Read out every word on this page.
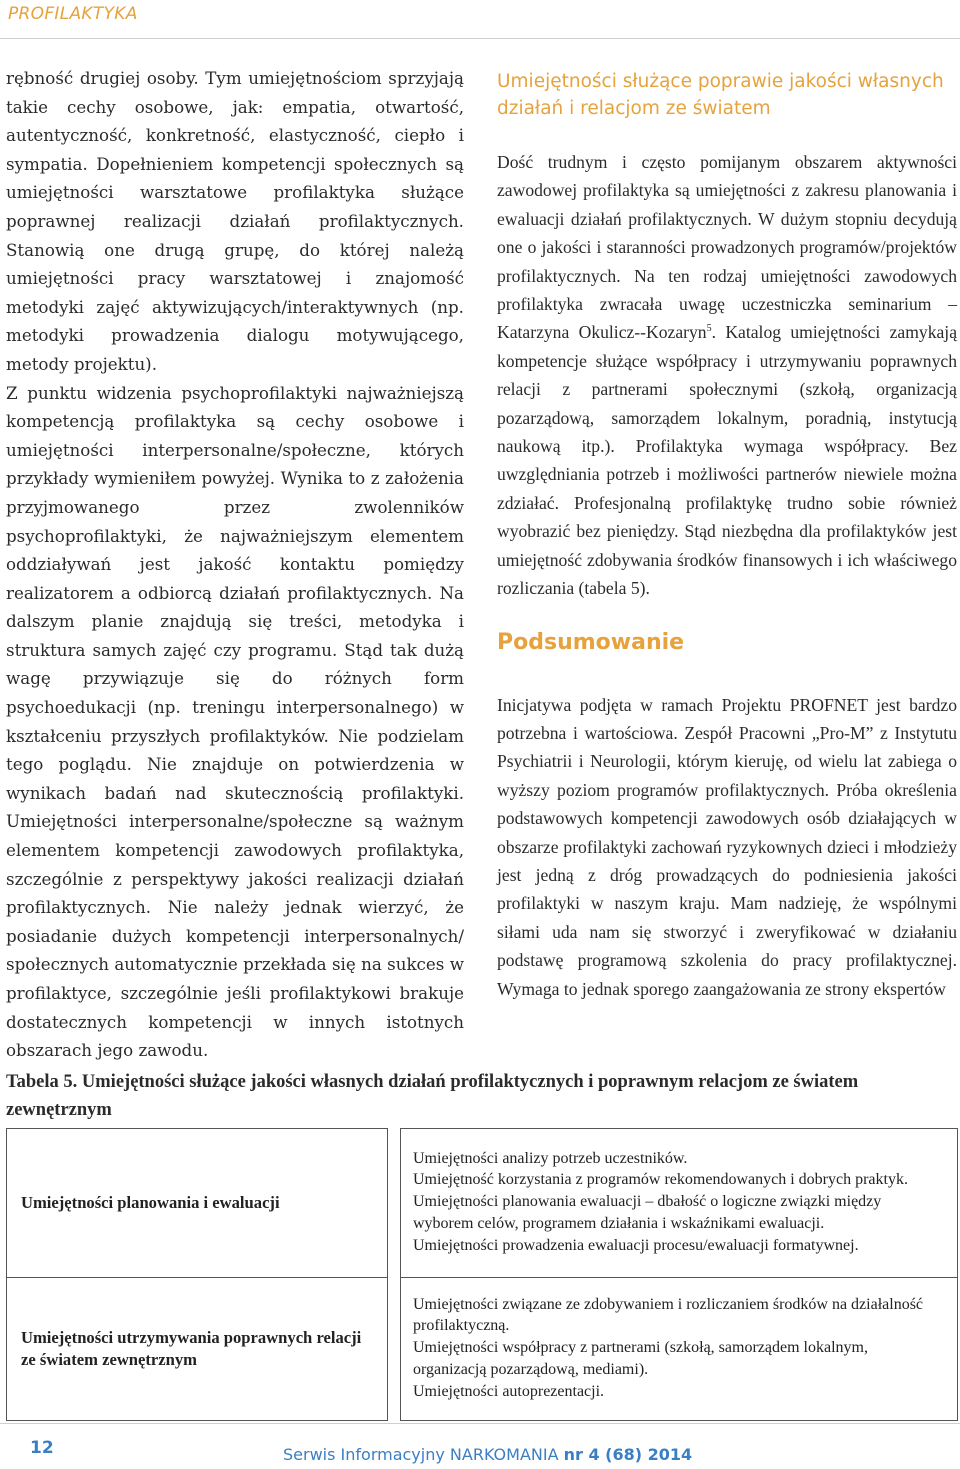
PROFILAKTYKA

rębność drugiej osoby. Tym umiejętnościom sprzyjają takie cechy osobowe, jak: empatia, otwartość, autentyczność, konkretność, elastyczność, ciepło i sympatia. Dopełnieniem kompetencji społecznych są umiejętności warsztatowe profilaktyka służące poprawnej realizacji działań profilaktycznych. Stanowią one drugą grupę, do której należą umiejętności pracy warsztatowej i znajomość metodyki zajęć aktywizujących/interaktywnych (np. metodyki prowadzenia dialogu motywującego, metody projektu).

Z punktu widzenia psychoprofilaktyki najważniejszą kompetencją profilaktyka są cechy osobowe i umiejętności interpersonalne/społeczne, których przykłady wymieniłem powyżej. Wynika to z założenia przyjmowanego przez zwolenników psychoprofilaktyki, że najważniejszym elementem oddziaływań jest jakość kontaktu pomiędzy realizatorem a odbiorcą działań profilaktycznych. Na dalszym planie znajdują się treści, metodyka i struktura samych zajęć czy programu. Stąd tak dużą wagę przywiązuje się do różnych form psychoedukacji (np. treningu interpersonalnego) w kształceniu przyszłych profilaktyków. Nie podzielam tego poglądu. Nie znajduje on potwierdzenia w wynikach badań nad skutecznością profilaktyki. Umiejętności interpersonalne/społeczne są ważnym elementem kompetencji zawodowych profilaktyka, szczególnie z perspektywy jakości realizacji działań profilaktycznych. Nie należy jednak wierzyć, że posiadanie dużych kompetencji interpersonalnych/ społecznych automatycznie przekłada się na sukces w profilaktyce, szczególnie jeśli profilaktykowi brakuje dostatecznych kompetencji w innych istotnych obszarach jego zawodu.

Umiejętności służące poprawie jakości własnych działań i relacjom ze światem

Dość trudnym i często pomijanym obszarem aktywności zawodowej profilaktyka są umiejętności z zakresu planowania i ewaluacji działań profilaktycznych. W dużym stopniu decydują one o jakości i staranności prowadzonych programów/projektów profilaktycznych. Na ten rodzaj umiejętności zawodowych profilaktyka zwracała uwagę uczestniczka seminarium – Katarzyna Okulicz--Kozaryn$^5$. Katalog umiejętności zamykają kompetencje służące współpracy i utrzymywaniu poprawnych relacji z partnerami społecznymi (szkołą, organizacją pozarządową, samorządem lokalnym, poradnią, instytucją naukową itp.). Profilaktyka wymaga współpracy. Bez uwzględniania potrzeb i możliwości partnerów niewiele można zdziałać. Profesjonalną profilaktykę trudno sobie również wyobrazić bez pieniędzy. Stąd niezbędna dla profilaktyków jest umiejętność zdobywania środków finansowych i ich właściwego rozliczania (tabela 5).

Podsumowanie

Inicjatywa podjęta w ramach Projektu PROFNET jest bardzo potrzebna i wartościowa. Zespół Pracowni „Pro-M” z Instytutu Psychiatrii i Neurologii, którym kieruję, od wielu lat zabiega o wyższy poziom programów profilaktycznych. Próba określenia podstawowych kompetencji zawodowych osób działających w obszarze profilaktyki zachowań ryzykownych dzieci i młodzieży jest jedną z dróg prowadzących do podniesienia jakości profilaktyki w naszym kraju. Mam nadzieję, że wspólnymi siłami uda nam się stworzyć i zweryfikować w działaniu podstawę programową szkolenia do pracy profilaktycznej. Wymaga to jednak sporego zaangażowania ze strony ekspertów

Tabela 5. Umiejętności służące jakości własnych działań profilaktycznych i poprawnym relacjom ze światem zewnętrznym
Umiejętności planowania i ewaluacji		Umiejętności analizy potrzeb uczestników.
Umiejętność korzystania z programów rekomendowanych i dobrych praktyk.
Umiejętności planowania ewaluacji – dbałość o logiczne związki między wyborem celów, programem działania i wskaźnikami ewaluacji.
Umiejętności prowadzenia ewaluacji procesu/ewaluacji formatywnej.

Umiejętności utrzymywania poprawnych relacji ze światem zewnętrznym		Umiejętności związane ze zdobywaniem i rozliczaniem środków na działalność profilaktyczną.
Umiejętności współpracy z partnerami (szkołą, samorządem lokalnym, organizacją pozarządową, mediami).
Umiejętności autoprezentacji.
12	Serwis Informacyjny NARKOMANIA nr 4 (68) 2014
